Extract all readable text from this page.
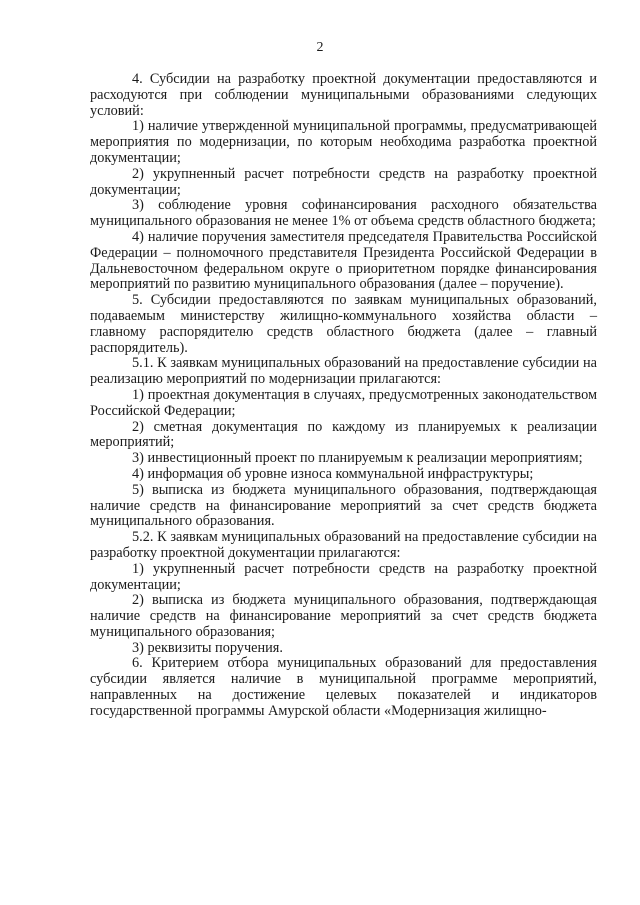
2

4. Субсидии на разработку проектной документации предоставляются и расходуются при соблюдении муниципальными образованиями следующих условий:

1) наличие утвержденной муниципальной программы, предусматривающей мероприятия по модернизации, по которым необходима разработка проектной документации;

2) укрупненный расчет потребности средств на разработку проектной документации;

3) соблюдение уровня софинансирования расходного обязательства муниципального образования не менее 1% от объема средств областного бюджета;

4) наличие поручения заместителя председателя Правительства Российской Федерации – полномочного представителя Президента Российской Федерации в Дальневосточном федеральном округе о приоритетном порядке финансирования мероприятий по развитию муниципального образования (далее – поручение).

5. Субсидии предоставляются по заявкам муниципальных образований, подаваемым министерству жилищно-коммунального хозяйства области – главному распорядителю средств областного бюджета (далее – главный распорядитель).

5.1. К заявкам муниципальных образований на предоставление субсидии на реализацию мероприятий по модернизации прилагаются:

1) проектная документация в случаях, предусмотренных законодательством Российской Федерации;

2) сметная документация по каждому из планируемых к реализации мероприятий;

3) инвестиционный проект по планируемым к реализации мероприятиям;

4) информация об уровне износа коммунальной инфраструктуры;

5) выписка из бюджета муниципального образования, подтверждающая наличие средств на финансирование мероприятий за счет средств бюджета муниципального образования.

5.2. К заявкам муниципальных образований на предоставление субсидии на разработку проектной документации прилагаются:

1) укрупненный расчет потребности средств на разработку проектной документации;

2) выписка из бюджета муниципального образования, подтверждающая наличие средств на финансирование мероприятий за счет средств бюджета муниципального образования;

3) реквизиты поручения.

6. Критерием отбора муниципальных образований для предоставления субсидии является наличие в муниципальной программе мероприятий, направленных на достижение целевых показателей и индикаторов государственной программы Амурской области «Модернизация жилищно-
